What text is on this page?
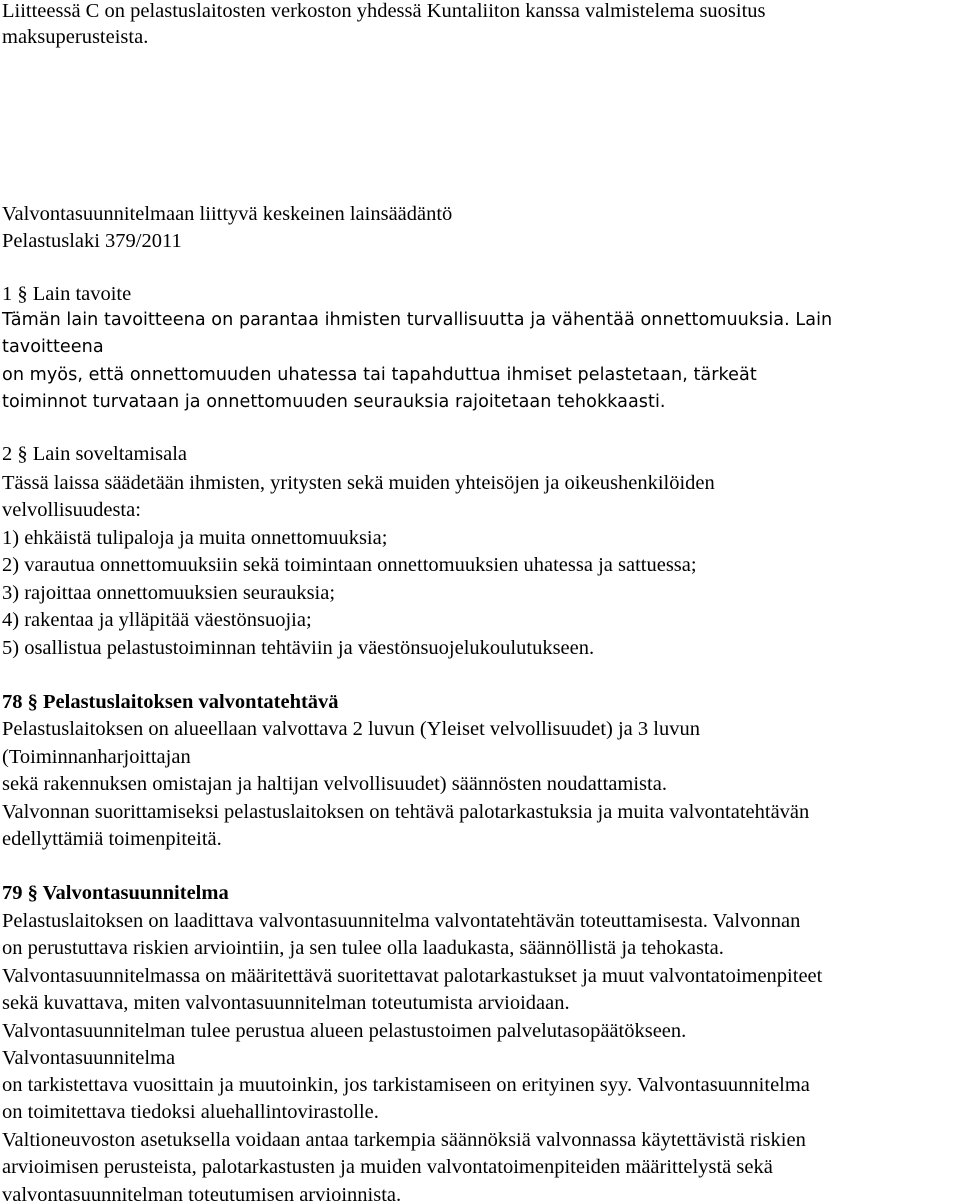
Liitteessä C on pelastuslaitosten verkoston yhdessä Kuntaliiton kanssa valmistelema suositus
maksuperusteista.
Valvontasuunnitelmaan liittyvä keskeinen lainsäädäntö
Pelastuslaki 379/2011
1 § Lain tavoite
Tämän lain tavoitteena on parantaa ihmisten turvallisuutta ja vähentää onnettomuuksia. Lain
tavoitteena
on myös, että onnettomuuden uhatessa tai tapahduttua ihmiset pelastetaan, tärkeät
toiminnot turvataan ja onnettomuuden seurauksia rajoitetaan tehokkaasti.
2 § Lain soveltamisala
Tässä laissa säädetään ihmisten, yritysten sekä muiden yhteisöjen ja oikeushenkilöiden
velvollisuudesta:
1) ehkäistä tulipaloja ja muita onnettomuuksia;
2) varautua onnettomuuksiin sekä toimintaan onnettomuuksien uhatessa ja sattuessa;
3) rajoittaa onnettomuuksien seurauksia;
4) rakentaa ja ylläpitää väestönsuojia;
5) osallistua pelastustoiminnan tehtäviin ja väestönsuojelukoulutukseen.
78 § Pelastuslaitoksen valvontatehtävä
Pelastuslaitoksen on alueellaan valvottava 2 luvun (Yleiset velvollisuudet) ja 3 luvun
(Toiminnanharjoittajan
sekä rakennuksen omistajan ja haltijan velvollisuudet) säännösten noudattamista.
Valvonnan suorittamiseksi pelastuslaitoksen on tehtävä palotarkastuksia ja muita valvontatehtävän
edellyttämiä toimenpiteitä.
79 § Valvontasuunnitelma
Pelastuslaitoksen on laadittava valvontasuunnitelma valvontatehtävän toteuttamisesta. Valvonnan
on perustuttava riskien arviointiin, ja sen tulee olla laadukasta, säännöllistä ja tehokasta.
Valvontasuunnitelmassa on määritettävä suoritettavat palotarkastukset ja muut valvontatoimenpiteet
sekä kuvattava, miten valvontasuunnitelman toteutumista arvioidaan.
Valvontasuunnitelman tulee perustua alueen pelastustoimen palvelutasopäätökseen.
Valvontasuunnitelma
on tarkistettava vuosittain ja muutoinkin, jos tarkistamiseen on erityinen syy. Valvontasuunnitelma
on toimitettava tiedoksi aluehallintovirastolle.
Valtioneuvoston asetuksella voidaan antaa tarkempia säännöksiä valvonnassa käytettävistä riskien
arvioimisen perusteista, palotarkastusten ja muiden valvontatoimenpiteiden määrittelystä sekä
valvontasuunnitelman toteutumisen arvioinnista.
